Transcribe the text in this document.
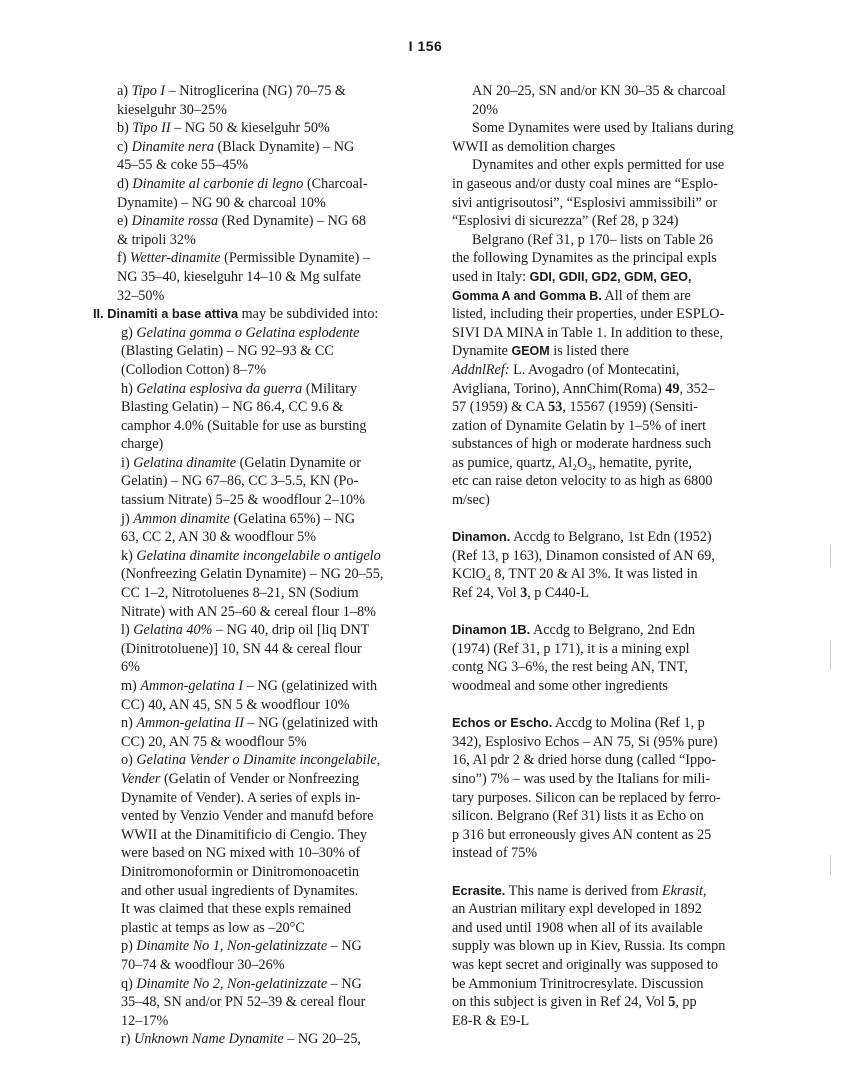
I 156
a) Tipo I – Nitroglicerina (NG) 70–75 &
kieselguhr 30–25%
b) Tipo II – NG 50 & kieselguhr 50%
c) Dinamite nera (Black Dynamite) – NG
45–55 & coke 55–45%
d) Dinamite al carbonie di legno (Charcoal-
Dynamite) – NG 90 & charcoal 10%
e) Dinamite rossa (Red Dynamite) – NG 68
& tripoli 32%
f) Wetter-dinamite (Permissible Dynamite) –
NG 35–40, kieselguhr 14–10 & Mg sulfate
32–50%
II. Dinamiti a base attiva may be subdivided into:
g) Gelatina gomma o Gelatina esplodente
(Blasting Gelatin) – NG 92–93 & CC
(Collodion Cotton) 8–7%
h) Gelatina esplosiva da guerra (Military
Blasting Gelatin) – NG 86.4, CC 9.6 &
camphor 4.0% (Suitable for use as bursting
charge)
i) Gelatina dinamite (Gelatin Dynamite or
Gelatin) – NG 67–86, CC 3–5.5, KN (Po-
tassium Nitrate) 5–25 & woodflour 2–10%
j) Ammon dinamite (Gelatina 65%) – NG
63, CC 2, AN 30 & woodflour 5%
k) Gelatina dinamite incongelabile o antigelo
(Nonfreezing Gelatin Dynamite) – NG 20–55,
CC 1–2, Nitrotoluenes 8–21, SN (Sodium
Nitrate) with AN 25–60 & cereal flour 1–8%
l) Gelatina 40% – NG 40, drip oil [liq DNT
(Dinitrotoluene)] 10, SN 44 & cereal flour
6%
m) Ammon-gelatina I – NG (gelatinized with
CC) 40, AN 45, SN 5 & woodflour 10%
n) Ammon-gelatina II – NG (gelatinized with
CC) 20, AN 75 & woodflour 5%
o) Gelatina Vender o Dinamite incongelabile,
Vender (Gelatin of Vender or Nonfreezing
Dynamite of Vender). A series of expls in-
vented by Venzio Vender and manufd before
WWII at the Dinamitificio di Cengio. They
were based on NG mixed with 10–30% of
Dinitromonoformin or Dinitromonoacetin
and other usual ingredients of Dynamites.
It was claimed that these expls remained
plastic at temps as low as –20°C
p) Dinamite No 1, Non-gelatinizzate – NG
70–74 & woodflour 30–26%
q) Dinamite No 2, Non-gelatinizzate – NG
35–48, SN and/or PN 52–39 & cereal flour
12–17%
r) Unknown Name Dynamite – NG 20–25,
AN 20–25, SN and/or KN 30–35 & charcoal
20%
Some Dynamites were used by Italians during
WWII as demolition charges
Dynamites and other expls permitted for use
in gaseous and/or dusty coal mines are “Esplo-
sivi antigrisoutosi”, “Esplosivi ammissibili” or
“Esplosivi di sicurezza” (Ref 28, p 324)
Belgrano (Ref 31, p 170– lists on Table 26
the following Dynamites as the principal expls
used in Italy: GDI, GDII, GD2, GDM, GEO,
Gomma A and Gomma B. All of them are
listed, including their properties, under ESPLO-
SIVI DA MINA in Table 1. In addition to these,
Dynamite GEOM is listed there
AddnlRef: L. Avogadro (of Montecatini,
Avigliana, Torino), AnnChim(Roma) 49, 352–
57 (1959) & CA 53, 15567 (1959) (Sensiti-
zation of Dynamite Gelatin by 1–5% of inert
substances of high or moderate hardness such
as pumice, quartz, Al₂O₃, hematite, pyrite,
etc can raise deton velocity to as high as 6800
m/sec)
Dinamon. Accdg to Belgrano, 1st Edn (1952)
(Ref 13, p 163), Dinamon consisted of AN 69,
KClO₄ 8, TNT 20 & Al 3%. It was listed in
Ref 24, Vol 3, p C440-L
Dinamon 1B. Accdg to Belgrano, 2nd Edn
(1974) (Ref 31, p 171), it is a mining expl
contg NG 3–6%, the rest being AN, TNT,
woodmeal and some other ingredients
Echos or Escho. Accdg to Molina (Ref 1, p
342), Esplosivo Echos – AN 75, Si (95% pure)
16, Al pdr 2 & dried horse dung (called “Ippo-
sino”) 7% – was used by the Italians for mili-
tary purposes. Silicon can be replaced by ferro-
silicon. Belgrano (Ref 31) lists it as Echo on
p 316 but erroneously gives AN content as 25
instead of 75%
Ecrasite. This name is derived from Ekrasit,
an Austrian military expl developed in 1892
and used until 1908 when all of its available
supply was blown up in Kiev, Russia. Its compn
was kept secret and originally was supposed to
be Ammonium Trinitrocresylate. Discussion
on this subject is given in Ref 24, Vol 5, pp
E8-R & E9-L
